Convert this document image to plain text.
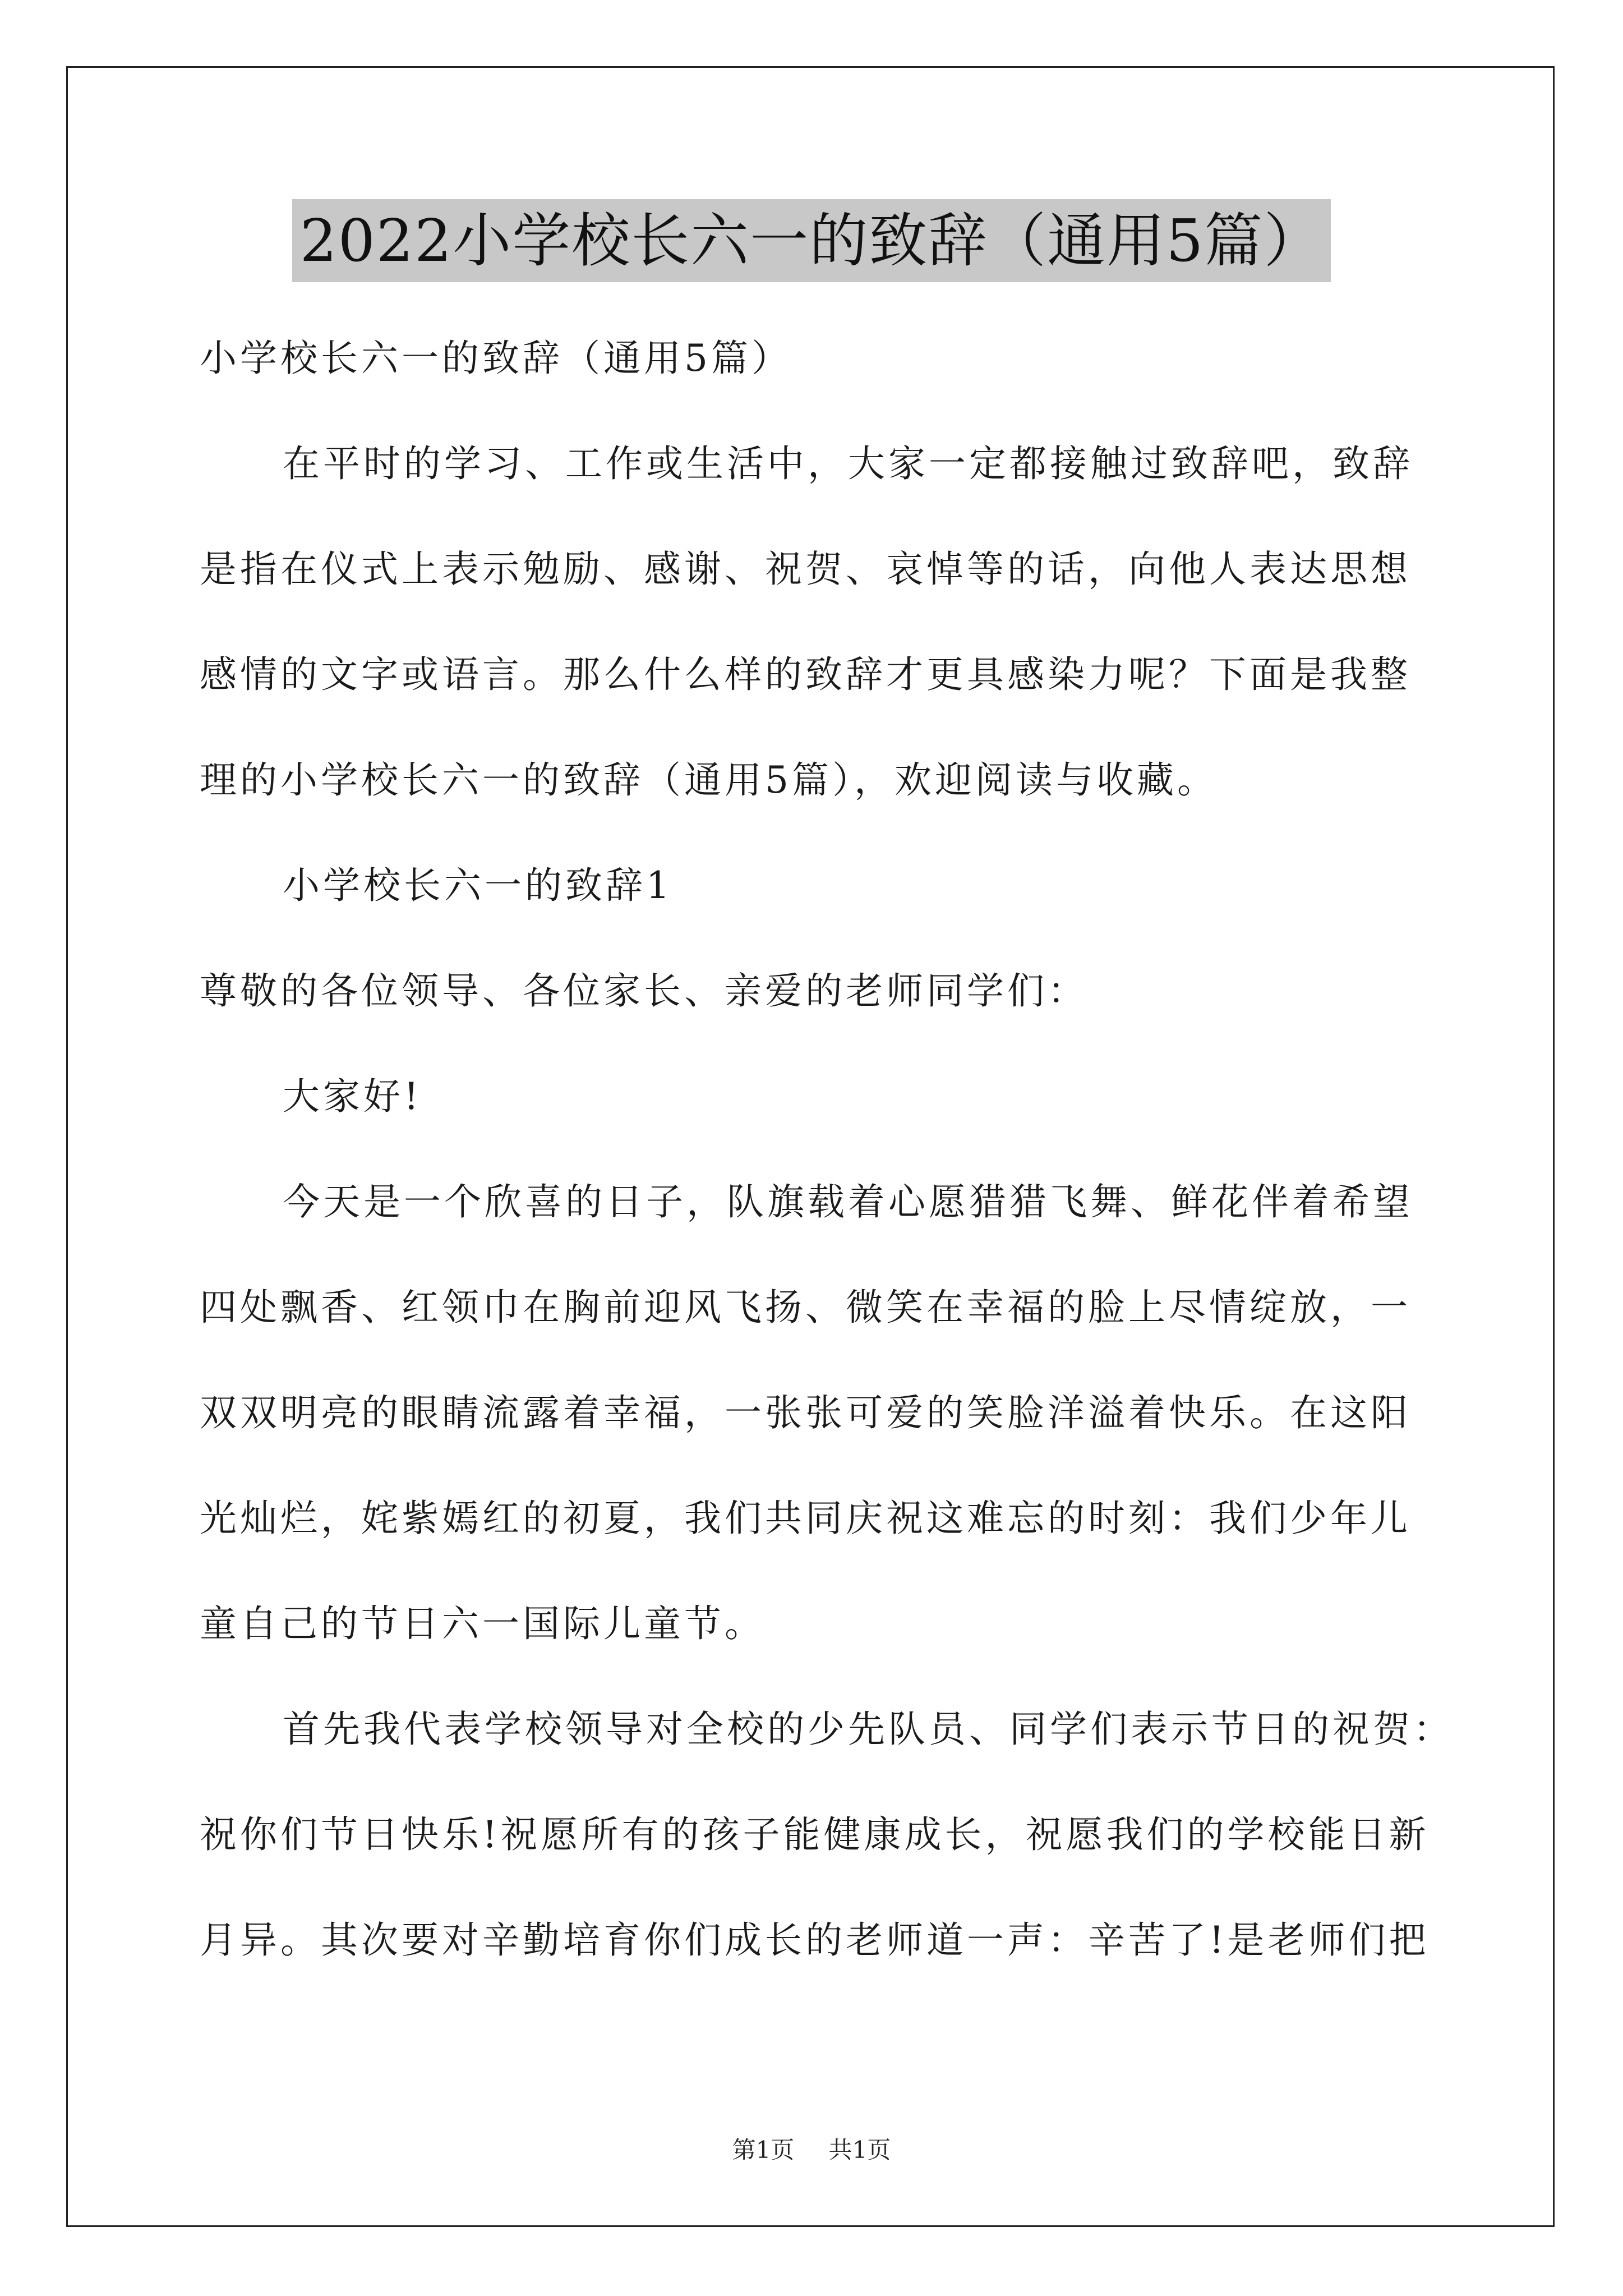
2022小学校长六一的致辞（通用5篇）
小学校长六一的致辞（通用5篇）
在平时的学习、工作或生活中，大家一定都接触过致辞吧，致辞
是指在仪式上表示勉励、感谢、祝贺、哀悼等的话，向他人表达思想
感情的文字或语言。那么什么样的致辞才更具感染力呢？下面是我整
理的小学校长六一的致辞（通用5篇），欢迎阅读与收藏。
小学校长六一的致辞1
尊敬的各位领导、各位家长、亲爱的老师同学们：
大家好!
今天是一个欣喜的日子，队旗载着心愿猎猎飞舞、鲜花伴着希望
四处飘香、红领巾在胸前迎风飞扬、微笑在幸福的脸上尽情绽放，一
双双明亮的眼睛流露着幸福，一张张可爱的笑脸洋溢着快乐。在这阳
光灿烂，姹紫嫣红的初夏，我们共同庆祝这难忘的时刻：我们少年儿
童自己的节日六一国际儿童节。
首先我代表学校领导对全校的少先队员、同学们表示节日的祝贺：
祝你们节日快乐!祝愿所有的孩子能健康成长，祝愿我们的学校能日新
月异。其次要对辛勤培育你们成长的老师道一声：辛苦了!是老师们把
第1页 共1页
